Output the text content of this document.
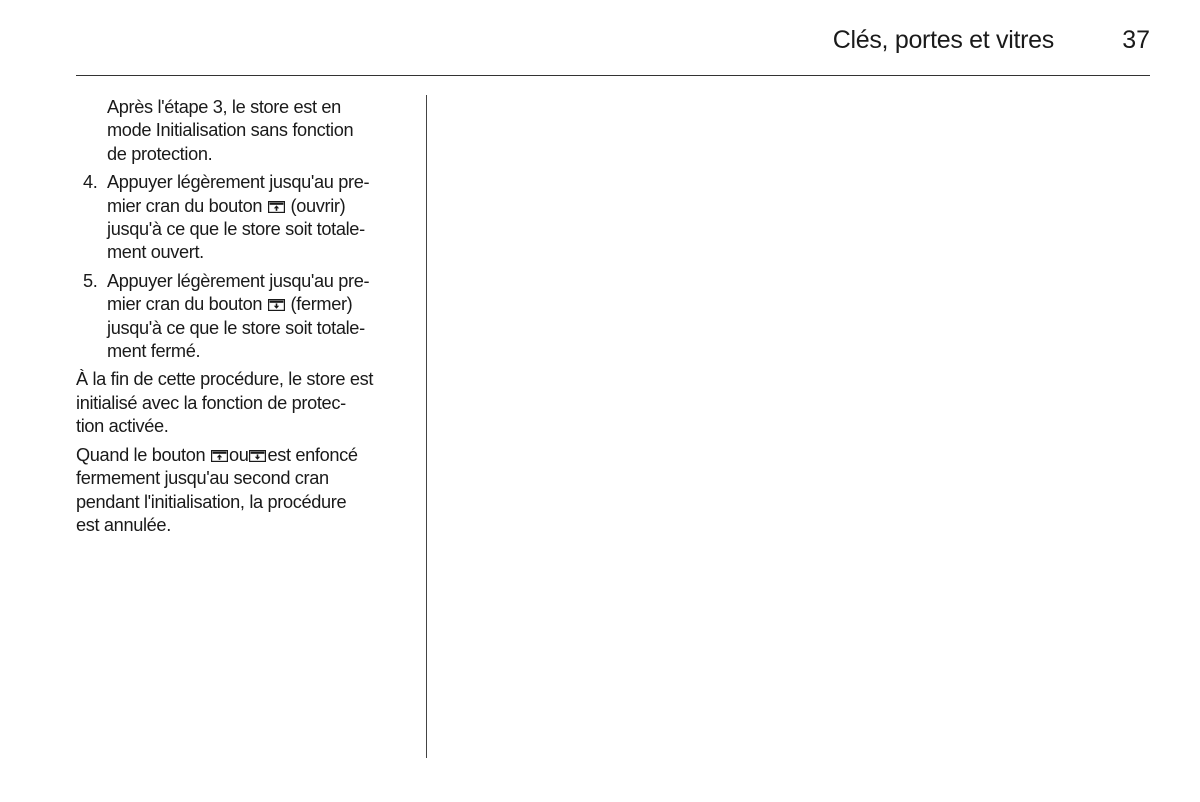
Clés, portes et vitres	37
Après l'étape 3, le store est en
mode Initialisation sans fonction
de protection.
4. Appuyer légèrement jusqu'au pre-
mier cran du bouton (ouvrir)
jusqu'à ce que le store soit totale-
ment ouvert.
5. Appuyer légèrement jusqu'au pre-
mier cran du bouton (fermer)
jusqu'à ce que le store soit totale-
ment fermé.
À la fin de cette procédure, le store est
initialisé avec la fonction de protec-
tion activée.
Quand le bouton ou est enfoncé
fermement jusqu'au second cran
pendant l'initialisation, la procédure
est annulée.
